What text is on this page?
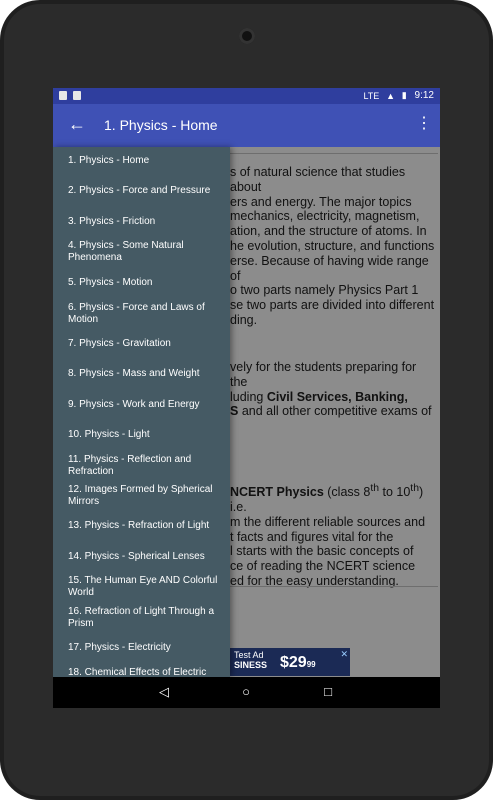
LTE ▲ ▮ 9:12
← 1. Physics - Home	⋮
s of natural science that studies about
ers and energy. The major topics
mechanics, electricity, magnetism,
ation, and the structure of atoms. In
he evolution, structure, and functions
erse. Because of having wide range of
o two parts namely Physics Part 1
se two parts are divided into different
ding.
vely for the students preparing for the
luding Civil Services, Banking,
S and all other competitive exams of
NCERT Physics (class 8th to 10th) i.e.
m the different reliable sources and
t facts and figures vital for the
l starts with the basic concepts of
ce of reading the NCERT science
ed for the easy understanding.
Test Ad
SINESS $2999
✕
1. Physics - Home
2. Physics - Force and Pressure
3. Physics - Friction
4. Physics - Some Natural Phenomena
5. Physics - Motion
6. Physics - Force and Laws of Motion
7. Physics - Gravitation
8. Physics - Mass and Weight
9. Physics - Work and Energy
10. Physics - Light
11. Physics - Reflection and Refraction
12. Images Formed by Spherical Mirrors
13. Physics - Refraction of Light
14. Physics - Spherical Lenses
15. The Human Eye AND Colorful World
16. Refraction of Light Through a Prism
17. Physics - Electricity
18. Chemical Effects of Electric
◁	○	□
